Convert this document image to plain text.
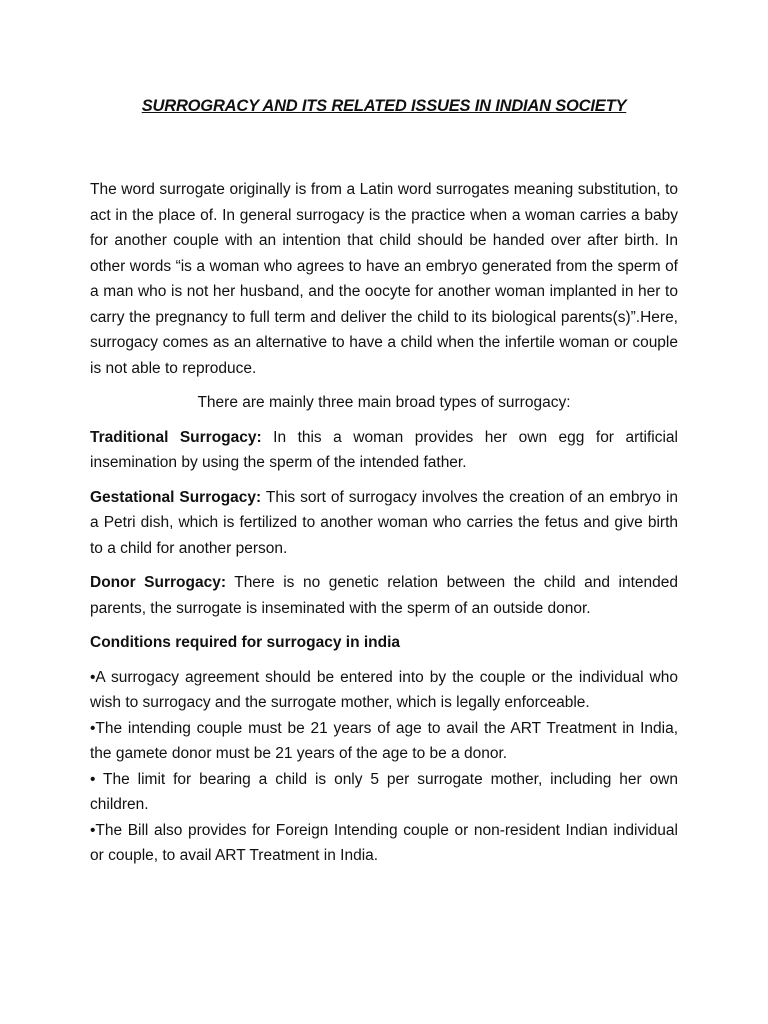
SURROGRACY AND ITS RELATED ISSUES IN INDIAN SOCIETY

The word surrogate originally is from a Latin word surrogates meaning substitution, to act in the place of. In general surrogacy is the practice when a woman carries a baby for another couple with an intention that child should be handed over after birth. In other words “is a woman who agrees to have an embryo generated from the sperm of a man who is not her husband, and the oocyte for another woman implanted in her to carry the pregnancy to full term and deliver the child to its biological parents(s)”.Here, surrogacy comes as an alternative to have a child when the infertile woman or couple is not able to reproduce.

There are mainly three main broad types of surrogacy:

Traditional Surrogacy: In this a woman provides her own egg for artificial insemination by using the sperm of the intended father.

Gestational Surrogacy: This sort of surrogacy involves the creation of an embryo in a Petri dish, which is fertilized to another woman who carries the fetus and give birth to a child for another person.

Donor Surrogacy: There is no genetic relation between the child and intended parents, the surrogate is inseminated with the sperm of an outside donor.

Conditions required for surrogacy in india

•A surrogacy agreement should be entered into by the couple or the individual who wish to surrogacy and the surrogate mother, which is legally enforceable.

•The intending couple must be 21 years of age to avail the ART Treatment in India, the gamete donor must be 21 years of the age to be a donor.

• The limit for bearing a child is only 5 per surrogate mother, including her own children.

•The Bill also provides for Foreign Intending couple or non-resident Indian individual or couple, to avail ART Treatment in India.
